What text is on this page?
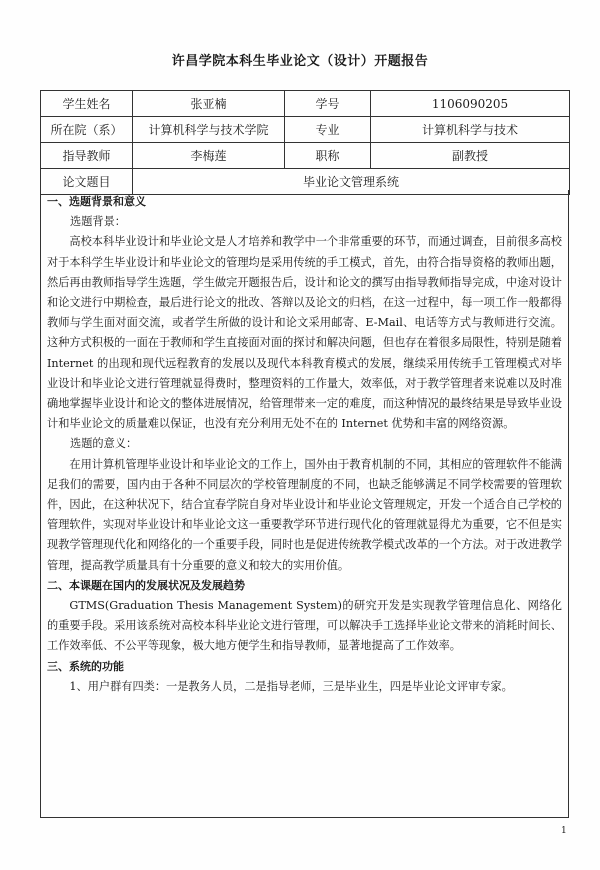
许昌学院本科生毕业论文（设计）开题报告
学生姓名	张亚楠	学号	1106090205
所在院（系）	计算机科学与技术学院	专业	计算机科学与技术
指导教师	李梅莲	职称	副教授
论文题目	毕业论文管理系统		

一、选题背景和意义

选题背景：

高校本科毕业设计和毕业论文是人才培养和教学中一个非常重要的环节，而通过调查，目前很多高校对于本科学生毕业设计和毕业论文的管理均是采用传统的手工模式，首先，由符合指导资格的教师出题，然后再由教师指导学生选题，学生做完开题报告后，设计和论文的撰写由指导教师指导完成，中途对设计和论文进行中期检查，最后进行论文的批改、答辩以及论文的归档，在这一过程中，每一项工作一般都得教师与学生面对面交流，或者学生所做的设计和论文采用邮寄、E-Mail、电话等方式与教师进行交流。这种方式积极的一面在于教师和学生直接面对面的探讨和解决问题，但也存在着很多局限性，特别是随着 Internet 的出现和现代远程教育的发展以及现代本科教育模式的发展，继续采用传统手工管理模式对毕业设计和毕业论文进行管理就显得费时，整理资料的工作量大，效率低，对于教学管理者来说难以及时准确地掌握毕业设计和论文的整体进展情况，给管理带来一定的难度，而这种情况的最终结果是导致毕业设计和毕业论文的质量难以保证，也没有充分利用无处不在的 Internet 优势和丰富的网络资源。

选题的意义：

在用计算机管理毕业设计和毕业论文的工作上，国外由于教育机制的不同，其相应的管理软件不能满足我们的需要，国内由于各种不同层次的学校管理制度的不同，也缺乏能够满足不同学校需要的管理软件，因此，在这种状况下，结合宜春学院自身对毕业设计和毕业论文管理规定，开发一个适合自己学校的管理软件，实现对毕业设计和毕业论文这一重要教学环节进行现代化的管理就显得尤为重要，它不但是实现教学管理现代化和网络化的一个重要手段，同时也是促进传统教学模式改革的一个方法。对于改进教学管理，提高教学质量具有十分重要的意义和较大的实用价值。

二、本课题在国内的发展状况及发展趋势

GTMS(Graduation Thesis Management System)的研究开发是实现教学管理信息化、网络化的重要手段。采用该系统对高校本科毕业论文进行管理，可以解决手工选择毕业论文带来的消耗时间长、工作效率低、不公平等现象，极大地方便学生和指导教师，显著地提高了工作效率。

三、系统的功能

1、用户群有四类：一是教务人员，二是指导老师，三是毕业生，四是毕业论文评审专家。

1
